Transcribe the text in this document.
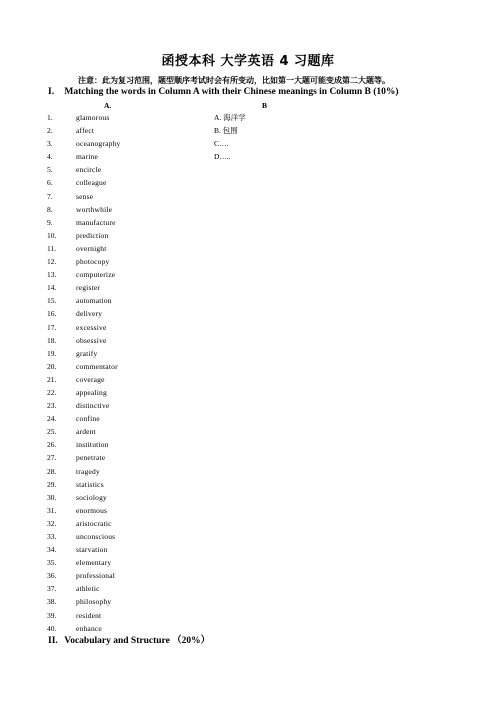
函授本科 大学英语 4 习题库
注意：此为复习范围，题型顺序考试时会有所变动，比如第一大题可能变成第二大题等。
I. Matching the words in Column A with their Chinese meanings in Column B (10%)
A.	B
1.	glamorous	A. 海洋学
2.	affect	B. 包围
3.	oceanography	C….
4.	marine	D…..
5.	encircle
6.	colleague
7.	sense
8.	worthwhile
9.	manufacture
10.	prediction
11.	overnight
12.	photocopy
13.	computerize
14.	register
15.	automation
16.	delivery
17.	excessive
18.	obsessive
19.	gratify
20.	commentator
21.	coverage
22.	appealing
23.	distinctive
24.	confine
25.	ardent
26.	institution
27.	penetrate
28.	tragedy
29.	statistics
30.	sociology
31.	enormous
32.	aristocratic
33.	unconscious
34.	starvation
35.	elementary
36.	professional
37.	athletic
38.	philosophy
39.	resident
40.	enhance
II. Vocabulary and Structure （20%）
